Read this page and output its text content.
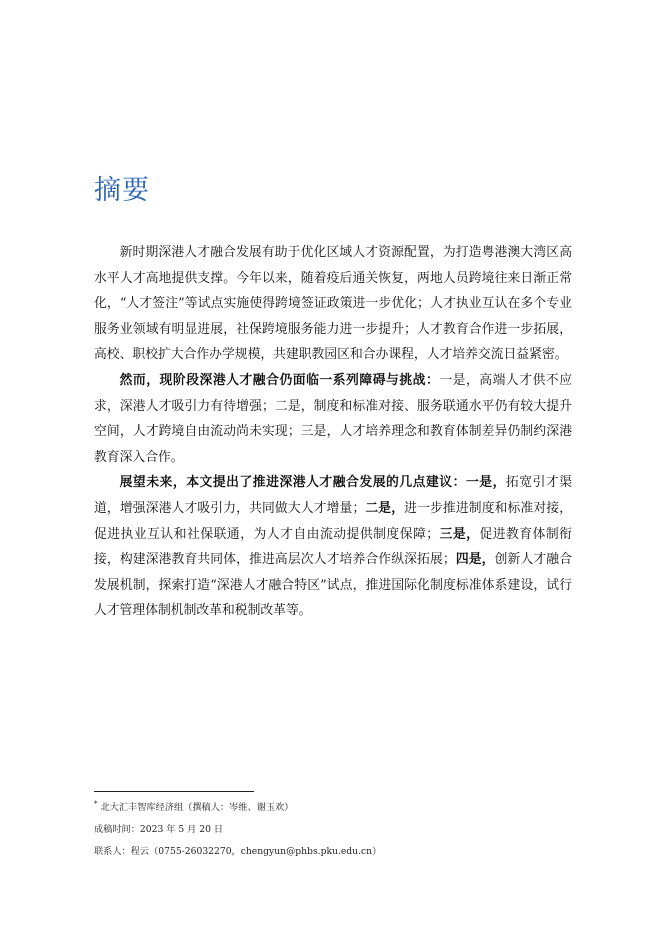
摘要

新时期深港人才融合发展有助于优化区域人才资源配置，为打造粤港澳大湾区高水平人才高地提供支撑。今年以来，随着疫后通关恢复，两地人员跨境往来日渐正常化，“人才签注”等试点实施使得跨境签证政策进一步优化；人才执业互认在多个专业服务业领域有明显进展，社保跨境服务能力进一步提升；人才教育合作进一步拓展，高校、职校扩大合作办学规模，共建职教园区和合办课程，人才培养交流日益紧密。

然而，现阶段深港人才融合仍面临一系列障碍与挑战：一是，高端人才供不应求，深港人才吸引力有待增强；二是，制度和标准对接、服务联通水平仍有较大提升空间，人才跨境自由流动尚未实现；三是，人才培养理念和教育体制差异仍制约深港教育深入合作。

展望未来，本文提出了推进深港人才融合发展的几点建议：一是，拓宽引才渠道，增强深港人才吸引力，共同做大人才增量；二是，进一步推进制度和标准对接，促进执业互认和社保联通，为人才自由流动提供制度保障；三是，促进教育体制衔接，构建深港教育共同体，推进高层次人才培养合作纵深拓展；四是，创新人才融合发展机制，探索打造“深港人才融合特区”试点，推进国际化制度标准体系建设，试行人才管理体制机制改革和税制改革等。

* 北大汇丰智库经济组（撰稿人：岑维、谢玉欢）
成稿时间：2023 年 5 月 20 日
联系人：程云（0755-26032270，chengyun@phbs.pku.edu.cn）
